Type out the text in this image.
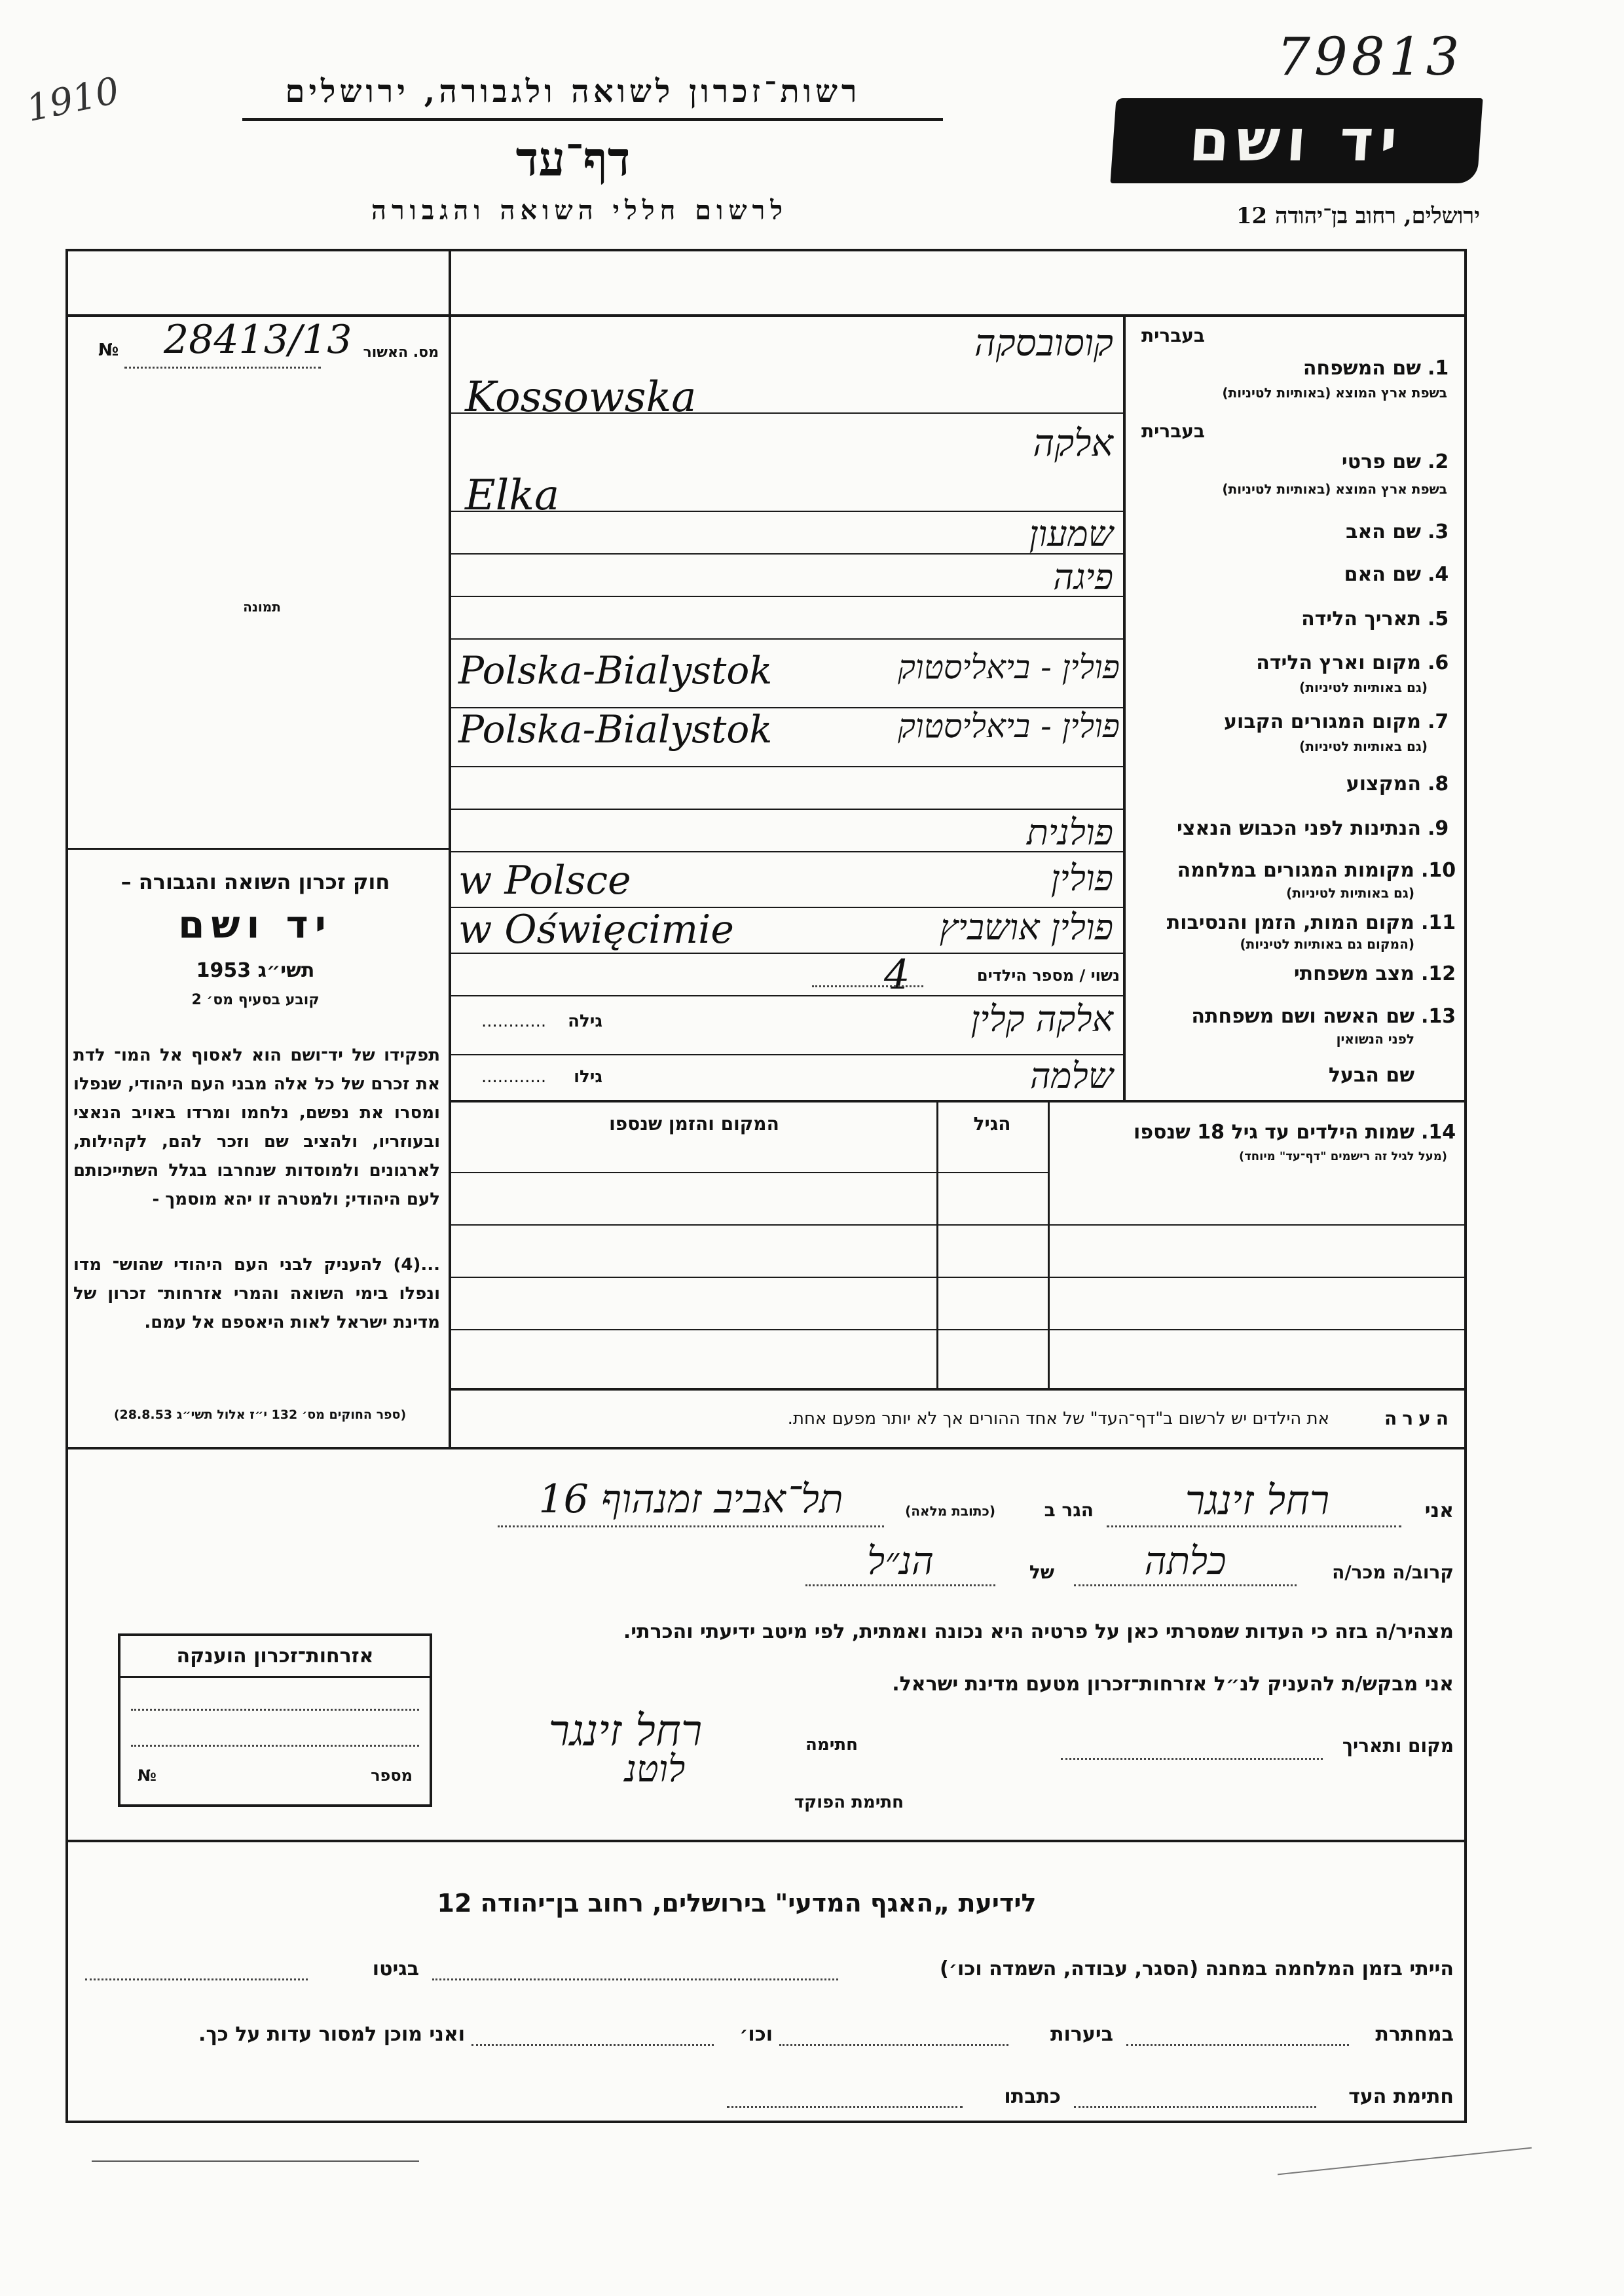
1910
79813
רשות־זכרון לשואה ולגבורה, ירושלים
דף־עד
לרשום חללי השואה והגבורה
יד ושם
ירושלים, רחוב בן־יהודה 12
№ 28413/13 מס. האשור
תמונה
חוק זכרון השואה והגבורה –
יד ושם
תשי״ג 1953
קובע בסעיף מס׳ 2
תפקידו של יד־ושם הוא לאסוף אל המו־ לדת את זכרם של כל אלה מבני העם היהודי, שנפלו ומסרו את נפשם, נלחמו ומרדו באויב הנאצי ובעוזריו, ולהציב שם וזכר להם, לקהילות, לארגונים ולמוסדות שנחרבו בגלל השתייכותם לעם היהודי; ולמטרה זו יהא מוסמך -
...(4) להעניק לבני העם היהודי שהוש־ מדו ונפלו בימי השואה והמרי אזרחות־ זכרון של מדינת ישראל לאות היאספם אל עמם.
(ספר החוקים מס׳ 132 י״ז אלול תשי״ג 28.8.53)
1.
שם המשפחה
בעברית
בשפת ארץ המוצא (באותיות לטיניות)
קוסובסקה
Kossowska
2.
שם פרטי
בעברית
בשפת ארץ המוצא (באותיות לטיניות)
אלקה
Elka
3.
שם האב
שמעון
4.
שם האם
פיגה
5.
תאריך הלידה
6.
מקום וארץ הלידה
(גם באותיות לטיניות)
פולין - ביאליסטוק
Polska-Bialystok
7.
מקום המגורים הקבוע
(גם באותיות לטיניות)
פולין - ביאליסטוק
Polska-Bialystok
8.
המקצוע
9.
הנתינות לפני הכבוש הנאצי
פולנית
10.
מקומות המגורים במלחמה
(גם באותיות לטיניות)
פולין
w Polsce
11.
מקום המות, הזמן והנסיבות
(המקום גם באותיות לטיניות)
פולין אושביץ
w Oświęcimie
12.
מצב משפחתי
נשוי / מספר הילדים
4
13.
שם האשה ושם משפחתה
לפני הנשואין
אלקה קלין
גילה
............
שם הבעל
שלמה
גילו
............
14.
שמות הילדים עד גיל 18 שנספו
(מעל לגיל זה רישמים "דף־עד" מיוחד)
הגיל
המקום והזמן שנספו
הערה
את הילדים יש לרשום ב"דף־העד" של אחד ההורים אך לא יותר מפעם אחת.
אני
רחל זינגר
הגר ב
(כתובת מלאה)
תל־אביב זמנהוף 16
קרוב/ה מכר/ה
כלתה
של
הנ״ל
מצהיר/ה בזה כי העדות שמסרתי כאן על פרטיה היא נכונה ואמתית, לפי מיטב ידיעתי והכרתי.
אני מבקש/ת להעניק לנ״ל אזרחות־זכרון מטעם מדינת ישראל.
מקום ותאריך
חתימה
רחל זינגר
לוטנ
חתימת הפוקד
אזרחות־זכרון הוענקה
מספר
№
לידיעת „האגף המדעי" בירושלים, רחוב בן־יהודה 12
הייתי בזמן המלחמה במחנה (הסגר, עבודה, השמדה וכו׳)
בגיטו
במחתרת
ביערות
וכו׳
ואני מוכן למסור עדות על כך.
חתימת העד
כתבתו
